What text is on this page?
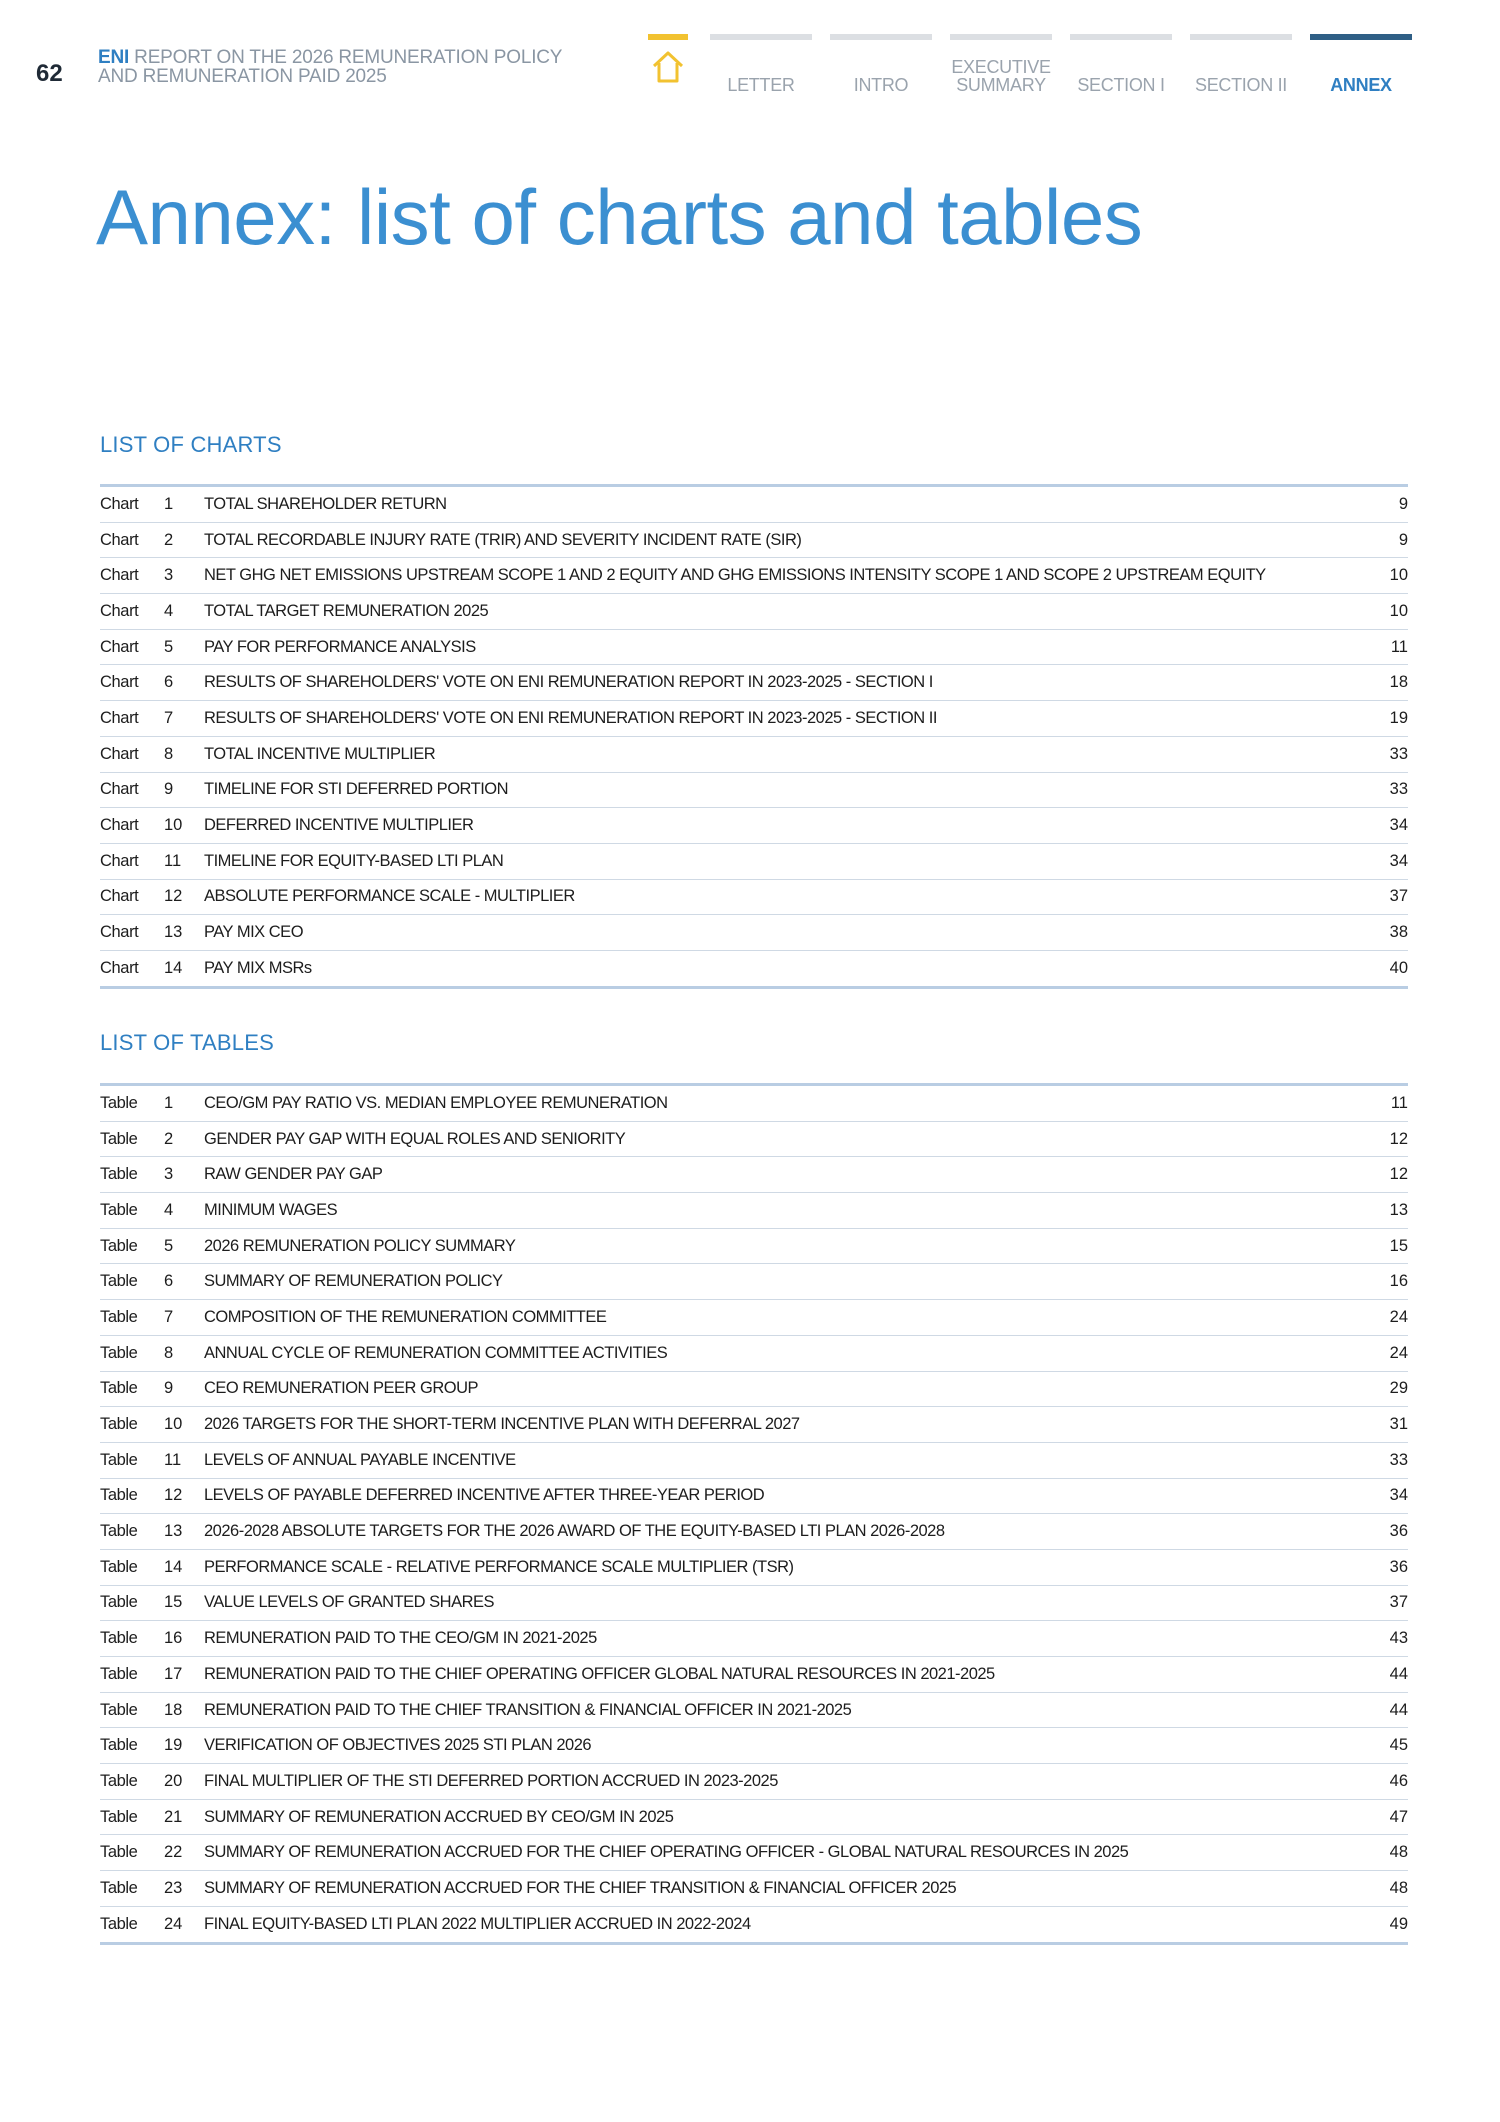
62
ENI REPORT ON THE 2026 REMUNERATION POLICY
AND REMUNERATION PAID 2025	LETTER	INTRO
EXECUTIVE
SUMMARY	SECTION I	SECTION II	ANNEX
Annex: list of charts and tables
LIST OF CHARTS
Chart	1	TOTAL SHAREHOLDER RETURN	9
Chart	2	TOTAL RECORDABLE INJURY RATE (TRIR) AND SEVERITY INCIDENT RATE (SIR)	9
Chart	3	NET GHG NET EMISSIONS UPSTREAM SCOPE 1 AND 2 EQUITY AND GHG EMISSIONS INTENSITY SCOPE 1 AND SCOPE 2 UPSTREAM EQUITY	10
Chart	4	TOTAL TARGET REMUNERATION 2025	10
Chart	5	PAY FOR PERFORMANCE ANALYSIS	11
Chart	6	RESULTS OF SHAREHOLDERS' VOTE ON ENI REMUNERATION REPORT IN 2023-2025 - SECTION I	18
Chart	7	RESULTS OF SHAREHOLDERS' VOTE ON ENI REMUNERATION REPORT IN 2023-2025 - SECTION II	19
Chart	8	TOTAL INCENTIVE MULTIPLIER	33
Chart	9	TIMELINE FOR STI DEFERRED PORTION	33
Chart	10	DEFERRED INCENTIVE MULTIPLIER	34
Chart	11	TIMELINE FOR EQUITY-BASED LTI PLAN	34
Chart	12	ABSOLUTE PERFORMANCE SCALE - MULTIPLIER	37
Chart	13	PAY MIX CEO	38
Chart	14	PAY MIX MSRs	40
LIST OF TABLES
Table	1	CEO/GM PAY RATIO VS. MEDIAN EMPLOYEE REMUNERATION	11
Table	2	GENDER PAY GAP WITH EQUAL ROLES AND SENIORITY	12
Table	3	RAW GENDER PAY GAP	12
Table	4	MINIMUM WAGES	13
Table	5	2026 REMUNERATION POLICY SUMMARY	15
Table	6	SUMMARY OF REMUNERATION POLICY	16
Table	7	COMPOSITION OF THE REMUNERATION COMMITTEE	24
Table	8	ANNUAL CYCLE OF REMUNERATION COMMITTEE ACTIVITIES	24
Table	9	CEO REMUNERATION PEER GROUP	29
Table	10	2026 TARGETS FOR THE SHORT-TERM INCENTIVE PLAN WITH DEFERRAL 2027	31
Table	11	LEVELS OF ANNUAL PAYABLE INCENTIVE	33
Table	12	LEVELS OF PAYABLE DEFERRED INCENTIVE AFTER THREE-YEAR PERIOD	34
Table	13	2026-2028 ABSOLUTE TARGETS FOR THE 2026 AWARD OF THE EQUITY-BASED LTI PLAN 2026-2028	36
Table	14	PERFORMANCE SCALE - RELATIVE PERFORMANCE SCALE MULTIPLIER (TSR)	36
Table	15	VALUE LEVELS OF GRANTED SHARES	37
Table	16	REMUNERATION PAID TO THE CEO/GM IN 2021-2025	43
Table	17	REMUNERATION PAID TO THE CHIEF OPERATING OFFICER GLOBAL NATURAL RESOURCES IN 2021-2025	44
Table	18	REMUNERATION PAID TO THE CHIEF TRANSITION & FINANCIAL OFFICER IN 2021-2025	44
Table	19	VERIFICATION OF OBJECTIVES 2025 STI PLAN 2026	45
Table	20	FINAL MULTIPLIER OF THE STI DEFERRED PORTION ACCRUED IN 2023-2025	46
Table	21	SUMMARY OF REMUNERATION ACCRUED BY CEO/GM IN 2025	47
Table	22	SUMMARY OF REMUNERATION ACCRUED FOR THE CHIEF OPERATING OFFICER - GLOBAL NATURAL RESOURCES IN 2025	48
Table	23	SUMMARY OF REMUNERATION ACCRUED FOR THE CHIEF TRANSITION & FINANCIAL OFFICER 2025	48
Table	24	FINAL EQUITY-BASED LTI PLAN 2022 MULTIPLIER ACCRUED IN 2022-2024	49
